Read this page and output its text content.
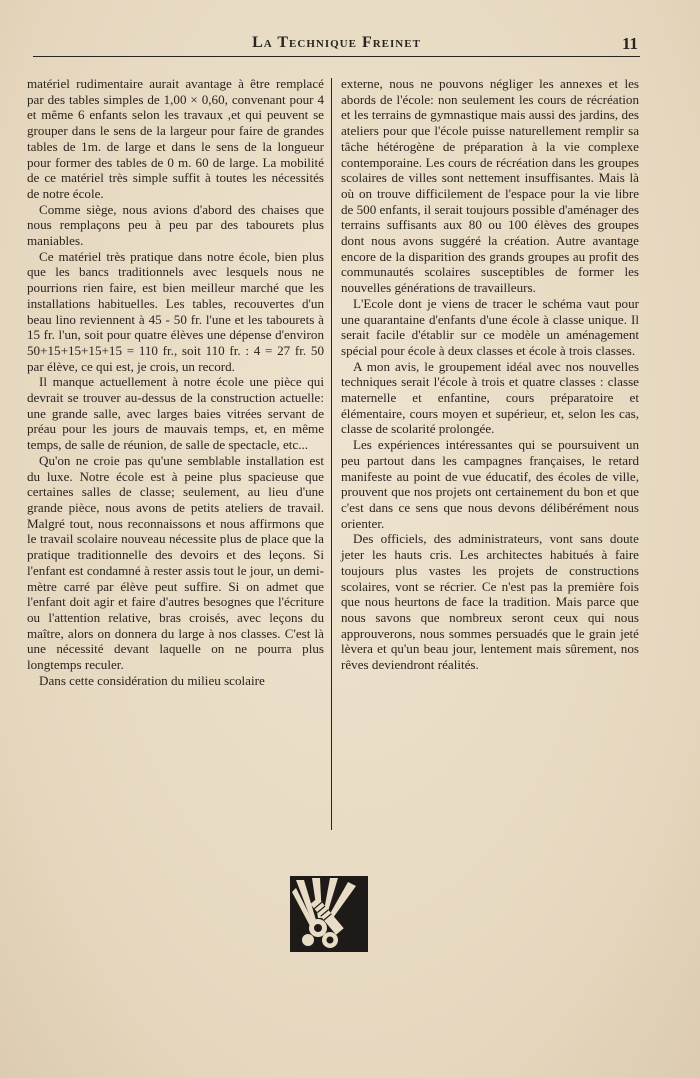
La Technique Freinet	11

matériel rudimentaire aurait avantage à être remplacé par des tables simples de 1,00 × 0,60, convenant pour 4 et même 6 enfants selon les travaux ,et qui peuvent se grouper dans le sens de la largeur pour faire de grandes tables de 1m. de large et dans le sens de la longueur pour former des tables de 0 m. 60 de large. La mobilité de ce matériel très simple suffit à toutes les nécessités de notre école.

Comme siège, nous avions d'abord des chaises que nous remplaçons peu à peu par des tabourets plus maniables.

Ce matériel très pratique dans notre école, bien plus que les bancs traditionnels avec lesquels nous ne pourrions rien faire, est bien meilleur marché que les installations habituelles. Les tables, recouvertes d'un beau lino reviennent à 45 - 50 fr. l'une et les tabourets à 15 fr. l'un, soit pour quatre élèves une dépense d'environ 50+15+15+15+15 = 110 fr., soit 110 fr. : 4 = 27 fr. 50 par élève, ce qui est, je crois, un record.

Il manque actuellement à notre école une pièce qui devrait se trouver au-dessus de la construction actuelle: une grande salle, avec larges baies vitrées servant de préau pour les jours de mauvais temps, et, en même temps, de salle de réunion, de salle de spectacle, etc...

Qu'on ne croie pas qu'une semblable installation est du luxe. Notre école est à peine plus spacieuse que certaines salles de classe; seulement, au lieu d'une grande pièce, nous avons de petits ateliers de travail. Malgré tout, nous reconnaissons et nous affirmons que le travail scolaire nouveau nécessite plus de place que la pratique traditionnelle des devoirs et des leçons. Si l'enfant est condamné à rester assis tout le jour, un demi-mètre carré par élève peut suffire. Si on admet que l'enfant doit agir et faire d'autres besognes que l'écriture ou l'attention relative, bras croisés, avec leçons du maître, alors on donnera du large à nos classes. C'est là une nécessité devant laquelle on ne pourra plus longtemps reculer.

Dans cette considération du milieu scolaire

externe, nous ne pouvons négliger les annexes et les abords de l'école: non seulement les cours de récréation et les terrains de gymnastique mais aussi des jardins, des ateliers pour que l'école puisse naturellement remplir sa tâche hétérogène de préparation à la vie complexe contemporaine. Les cours de récréation dans les groupes scolaires de villes sont nettement insuffisantes. Mais là où on trouve difficilement de l'espace pour la vie libre de 500 enfants, il serait toujours possible d'aménager des terrains suffisants aux 80 ou 100 élèves des groupes dont nous avons suggéré la création. Autre avantage encore de la disparition des grands groupes au profit des communautés scolaires susceptibles de former les nouvelles générations de travailleurs.

L'Ecole dont je viens de tracer le schéma vaut pour une quarantaine d'enfants d'une école à classe unique. Il serait facile d'établir sur ce modèle un aménagement spécial pour école à deux classes et école à trois classes.

A mon avis, le groupement idéal avec nos nouvelles techniques serait l'école à trois et quatre classes : classe maternelle et enfantine, cours préparatoire et élémentaire, cours moyen et supérieur, et, selon les cas, classe de scolarité prolongée.

Les expériences intéressantes qui se poursuivent un peu partout dans les campagnes françaises, le retard manifeste au point de vue éducatif, des écoles de ville, prouvent que nos projets ont certainement du bon et que c'est dans ce sens que nous devons délibérément nous orienter.

Des officiels, des administrateurs, vont sans doute jeter les hauts cris. Les architectes habitués à faire toujours plus vastes les projets de constructions scolaires, vont se récrier. Ce n'est pas la première fois que nous heurtons de face la tradition. Mais parce que nous savons que nombreux seront ceux qui nous approuverons, nous sommes persuadés que le grain jeté lèvera et qu'un beau jour, lentement mais sûrement, nos rêves deviendront réalités.
